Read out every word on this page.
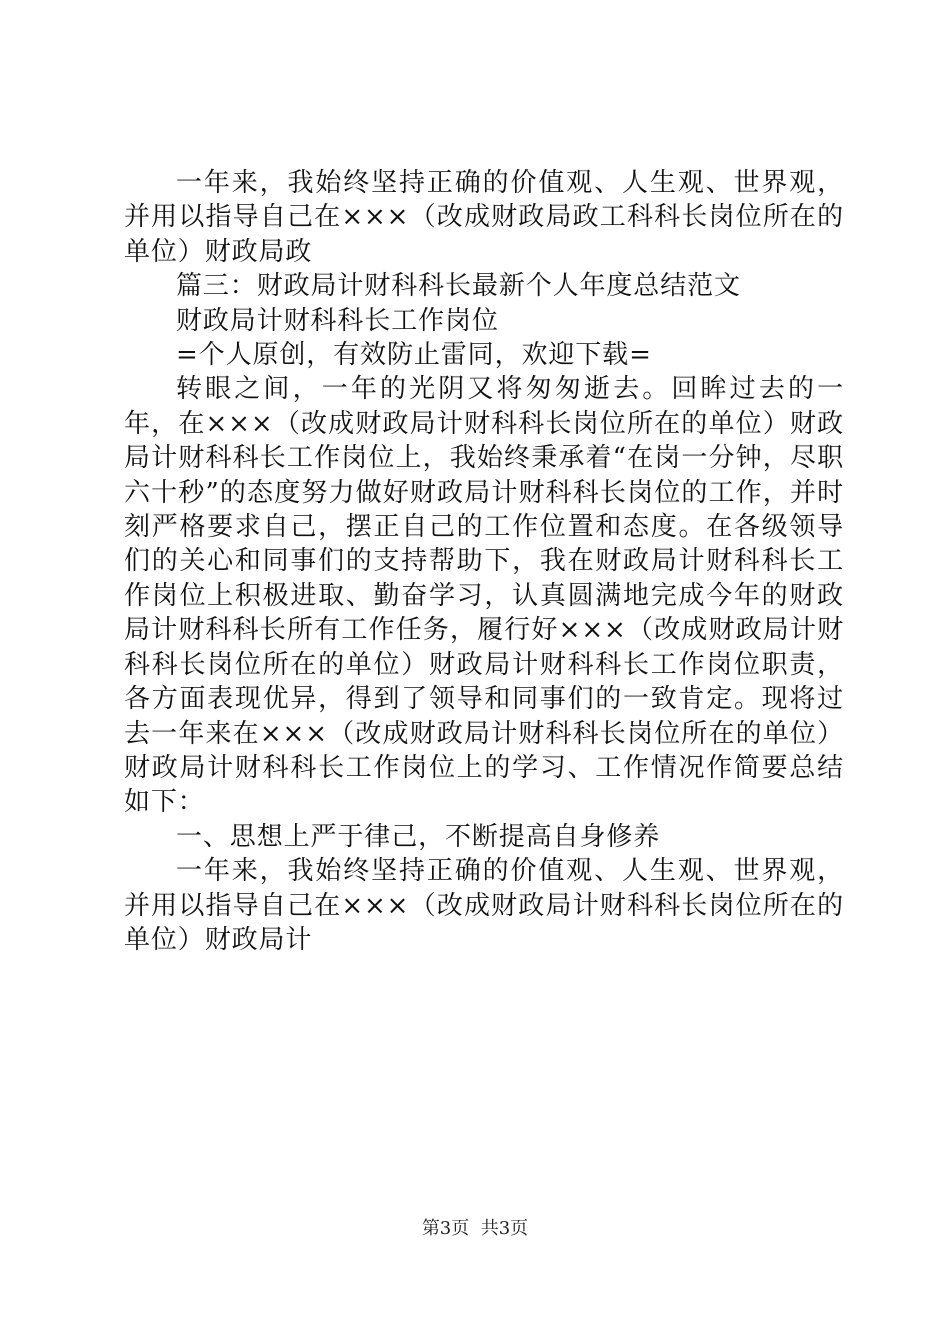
一年来，我始终坚持正确的价值观、人生观、世界观，并用以指导自己在×××（改成财政局政工科科长岗位所在的单位）财政局政

篇三：财政局计财科科长最新个人年度总结范文

财政局计财科科长工作岗位

=个人原创，有效防止雷同，欢迎下载=

转眼之间，一年的光阴又将匆匆逝去。回眸过去的一年，在×××（改成财政局计财科科长岗位所在的单位）财政局计财科科长工作岗位上，我始终秉承着“在岗一分钟，尽职六十秒”的态度努力做好财政局计财科科长岗位的工作，并时刻严格要求自己，摆正自己的工作位置和态度。在各级领导们的关心和同事们的支持帮助下，我在财政局计财科科长工作岗位上积极进取、勤奋学习，认真圆满地完成今年的财政局计财科科长所有工作任务，履行好×××（改成财政局计财科科长岗位所在的单位）财政局计财科科长工作岗位职责，各方面表现优异，得到了领导和同事们的一致肯定。现将过去一年来在×××（改成财政局计财科科长岗位所在的单位）财政局计财科科长工作岗位上的学习、工作情况作简要总结如下：

一、思想上严于律己，不断提高自身修养

一年来，我始终坚持正确的价值观、人生观、世界观，并用以指导自己在×××（改成财政局计财科科长岗位所在的单位）财政局计

第3页  共3页
